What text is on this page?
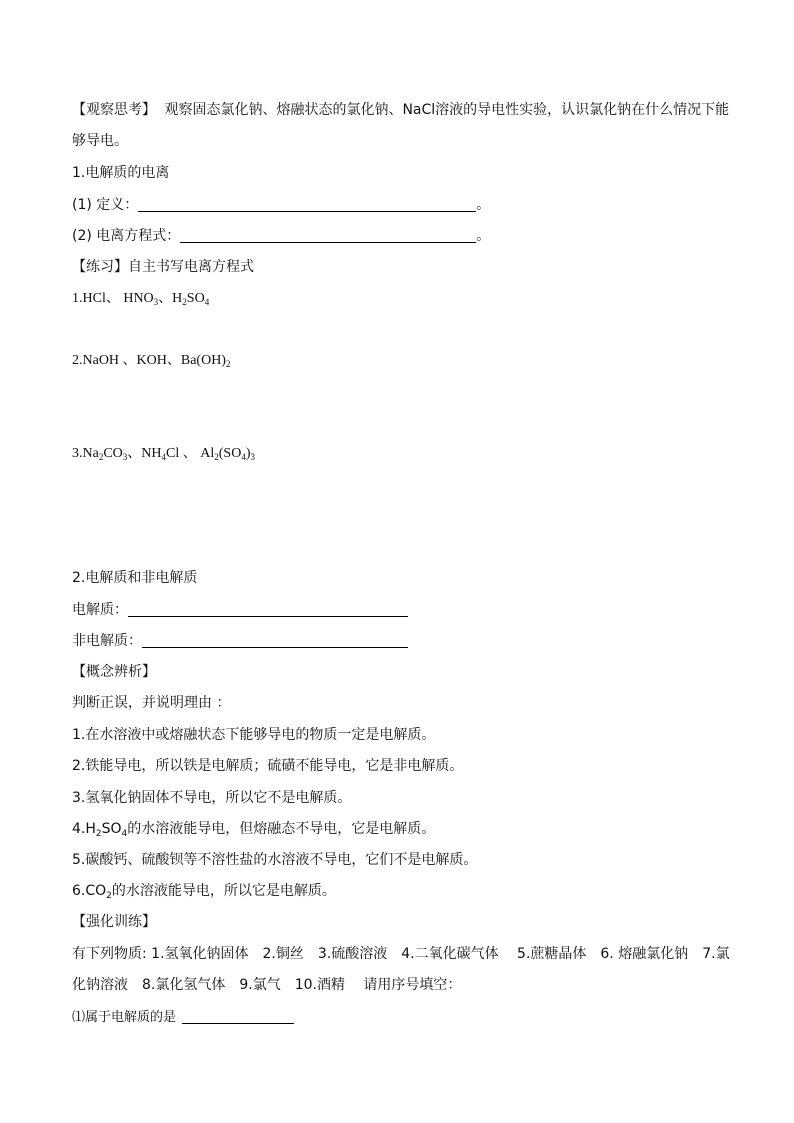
【观察思考】 观察固态氯化钠、熔融状态的氯化钠、NaCl溶液的导电性实验，认识氯化钠在什么情况下能
够导电。
1.电解质的电离
(1) 定义：	。
(2) 电离方程式：	。
【练习】自主书写电离方程式
1.HCl、 $HNO_3$、$H_2SO_4$
2.NaOH 、KOH、$Ba(OH)_2$
$3.Na_2CO_3$、$NH_4Cl$ 、 $Al_2(SO_4)_3$
2.电解质和非电解质
电解质：
非电解质：
【概念辨析】
判断正误，并说明理由 ：
1.在水溶液中或熔融状态下能够导电的物质一定是电解质。
2.铁能导电，所以铁是电解质；硫磺不能导电，它是非电解质。
3.氢氧化钠固体不导电，所以它不是电解质。
$4.H_2SO_4$的水溶液能导电，但熔融态不导电，它是电解质。
5.碳酸钙、硫酸钡等不溶性盐的水溶液不导电，它们不是电解质。
$6.CO_2$的水溶液能导电，所以它是电解质。
【强化训练】
有下列物质: 1.氢氧化钠固体　2.铜丝　3.硫酸溶液　4.二氧化碳气体　 5.蔗糖晶体　6. 熔融氯化钠　7.氯
化钠溶液　8.氯化氢气体　9.氯气　10.酒精　 请用序号填空：
⑴属于电解质的是
